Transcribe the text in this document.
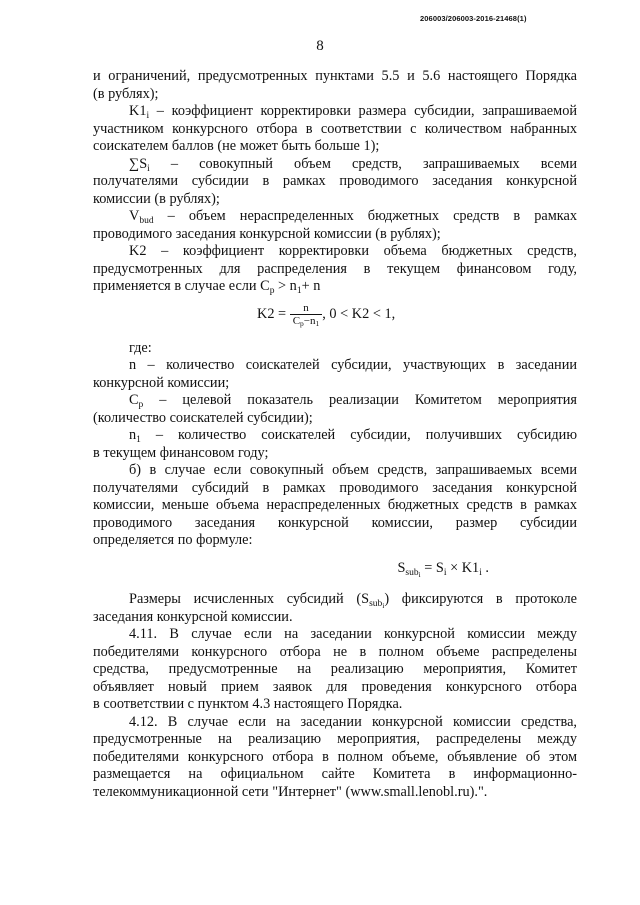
206003/206003-2016-21468(1)
8

и ограничений, предусмотренных пунктами 5.5 и 5.6 настоящего Порядка

(в рублях);

$K1_i$ – коэффициент корректировки размера субсидии, запрашиваемой

участником конкурсного отбора в соответствии с количеством набранных

соискателем баллов (не может быть больше 1);

$\sum S_i$ – совокупный объем средств, запрашиваемых всеми

получателями субсидии в рамках проводимого заседания конкурсной

комиссии (в рублях);

$V_{bud}$ – объем нераспределенных бюджетных средств в рамках

проводимого заседания конкурсной комиссии (в рублях);

K2 – коэффициент корректировки объема бюджетных средств,

предусмотренных для распределения в текущем финансовом году,

применяется в случае если $C_p > n_1+ n$

$K2 = \frac{n}{C_p-n_1}$ , 0 < K2 < 1,

где:

n – количество соискателей субсидии, участвующих в заседании

конкурсной комиссии;

$C_p$ – целевой показатель реализации Комитетом мероприятия

(количество соискателей субсидии);

$n_1$ – количество соискателей субсидии, получивших субсидию

в текущем финансовом году;

б) в случае если совокупный объем средств, запрашиваемых всеми

получателями субсидий в рамках проводимого заседания конкурсной

комиссии, меньше объема нераспределенных бюджетных средств в рамках

проводимого заседания конкурсной комиссии, размер субсидии

определяется по формуле:

$S_{sub_i} = S_i \times K1_i$ .

Размеры исчисленных субсидий $(S_{sub_i})$ фиксируются в протоколе

заседания конкурсной комиссии.

4.11. В случае если на заседании конкурсной комиссии между

победителями конкурсного отбора не в полном объеме распределены

средства, предусмотренные на реализацию мероприятия, Комитет

объявляет новый прием заявок для проведения конкурсного отбора

в соответствии с пунктом 4.3 настоящего Порядка.

4.12. В случае если на заседании конкурсной комиссии средства,

предусмотренные на реализацию мероприятия, распределены между

победителями конкурсного отбора в полном объеме, объявление об этом

размещается на официальном сайте Комитета в информационно-

телекоммуникационной сети "Интернет" (www.small.lenobl.ru).".
